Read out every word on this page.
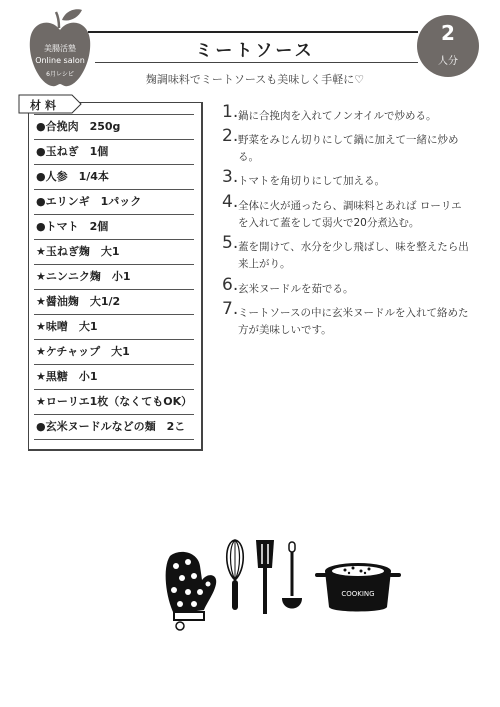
美腸活塾
Online salon
6月レシピ
ミートソース
2
人分
麹調味料でミートソースも美味しく手軽に♡
材料
●合挽肉　250g
●玉ねぎ　1個
●人参　1/4本
●エリンギ　1パック
●トマト　2個
★玉ねぎ麹　大1
★ニンニク麹　小1
★醤油麹　大1/2
★味噌　大1
★ケチャップ　大1
★黒糖　小1
★ローリエ1枚（なくてもOK）
●玄米ヌードルなどの麺　2こ
1. 鍋に合挽肉を入れてノンオイルで炒める。
2. 野菜をみじん切りにして鍋に加えて一緒に炒める。
3. トマトを角切りにして加える。
4. 全体に火が通ったら、調味料とあれば ローリエを入れて蓋をして弱火で20分煮込む。
5. 蓋を開けて、水分を少し飛ばし、味を整えたら出来上がり。
6. 玄米ヌードルを茹でる。
7. ミートソースの中に玄米ヌードルを入れて絡めた方が美味しいです。
COOKING
